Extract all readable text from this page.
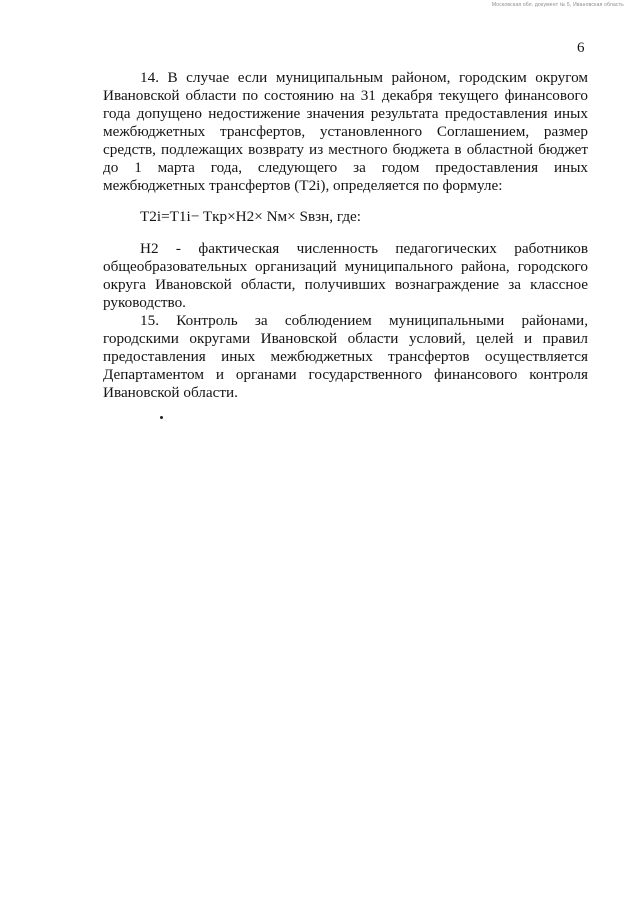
Московская обл. документ № 5, Ивановская область
6
14. В случае если муниципальным районом, городским округом
Ивановской области по состоянию на 31 декабря текущего финансового
года допущено недостижение значения результата предоставления иных
межбюджетных трансфертов, установленного Соглашением, размер
средств, подлежащих возврату из местного бюджета в областной бюджет
до 1 марта года, следующего за годом предоставления иных
межбюджетных трансфертов (T2i), определяется по формуле:
T2i=T1i− Tкр×H2× Nм× Sвзн, где:
H2 - фактическая численность педагогических работников
общеобразовательных организаций муниципального района, городского
округа Ивановской области, получивших вознаграждение за классное
руководство.
15. Контроль за соблюдением муниципальными районами,
городскими округами Ивановской области условий, целей и правил
предоставления иных межбюджетных трансфертов осуществляется
Департаментом и органами государственного финансового контроля
Ивановской области.
